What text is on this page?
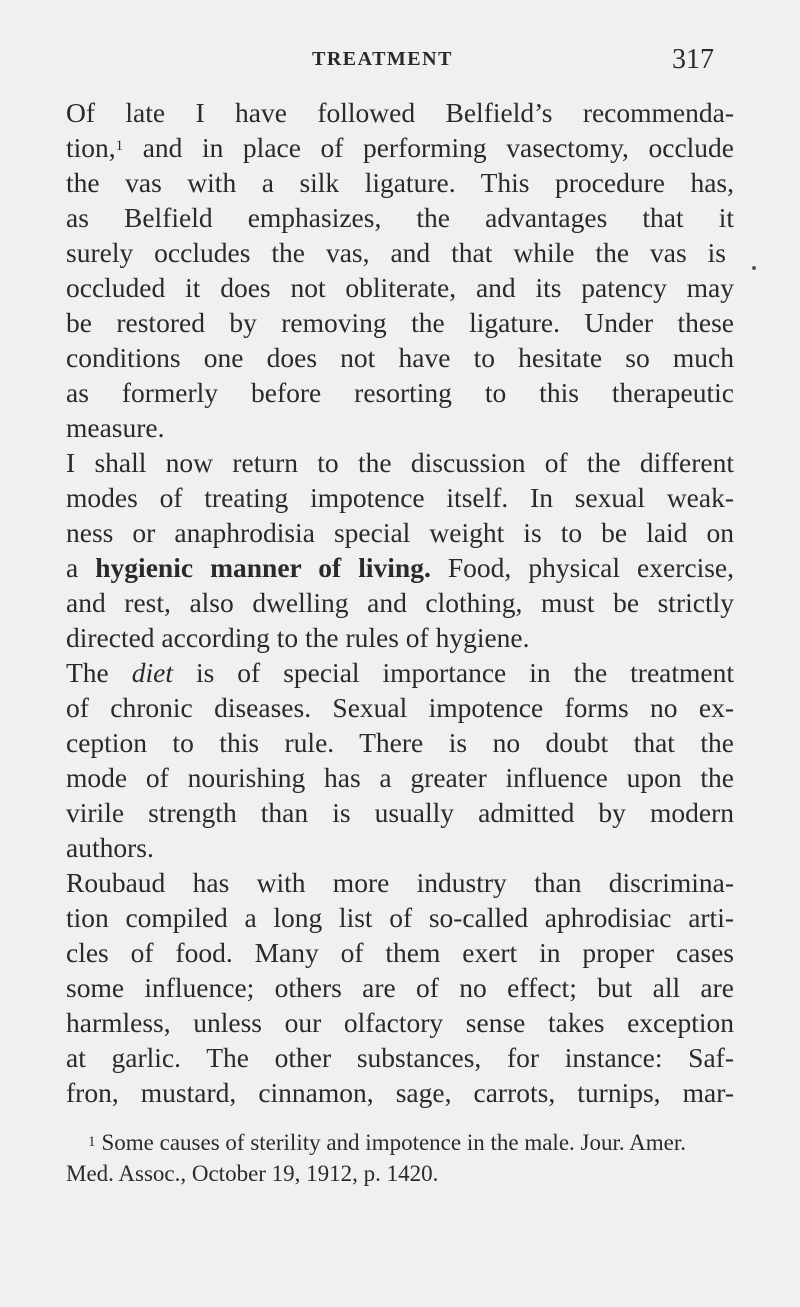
TREATMENT	317
Of late I have followed Belfield’s recommenda-
tion,$^1$ and in place of performing vasectomy, occlude
the vas with a silk ligature. This procedure has,
as Belfield emphasizes, the advantages that it
surely occludes the vas, and that while the vas is
occluded it does not obliterate, and its patency may
be restored by removing the ligature. Under these
conditions one does not have to hesitate so much
as formerly before resorting to this therapeutic
measure.
I shall now return to the discussion of the different
modes of treating impotence itself. In sexual weak-
ness or anaphrodisia special weight is to be laid on
a hygienic manner of living. Food, physical exercise,
and rest, also dwelling and clothing, must be strictly
directed according to the rules of hygiene.
The diet is of special importance in the treatment
of chronic diseases. Sexual impotence forms no ex-
ception to this rule. There is no doubt that the
mode of nourishing has a greater influence upon the
virile strength than is usually admitted by modern
authors.
Roubaud has with more industry than discrimina-
tion compiled a long list of so-called aphrodisiac arti-
cles of food. Many of them exert in proper cases
some influence; others are of no effect; but all are
harmless, unless our olfactory sense takes exception
at garlic. The other substances, for instance: Saf-
fron, mustard, cinnamon, sage, carrots, turnips, mar-
$^1$ Some causes of sterility and impotence in the male. Jour. Amer.
Med. Assoc., October 19, 1912, p. 1420.
